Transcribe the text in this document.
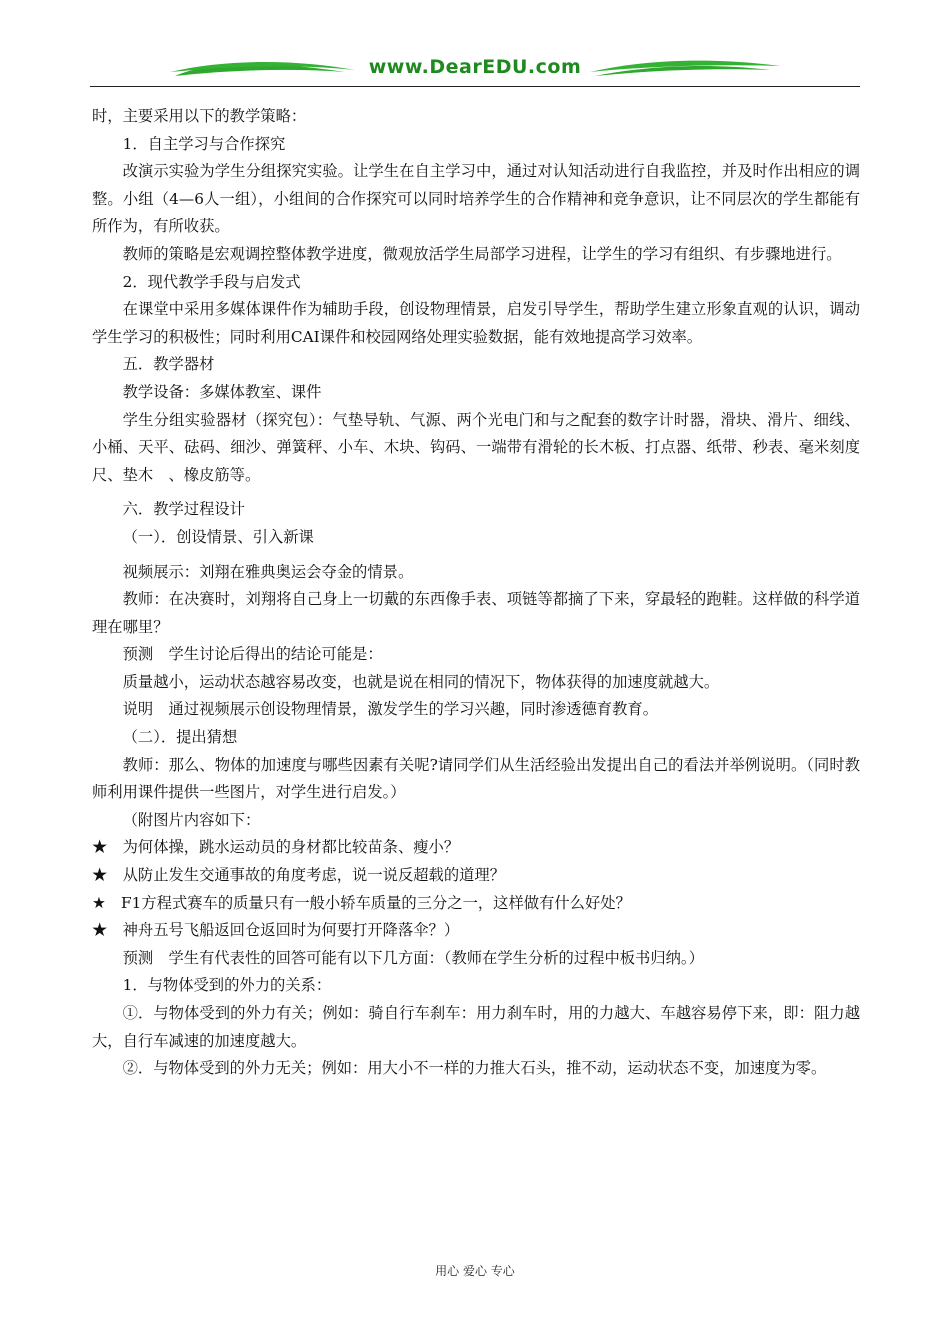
www.DearEDU.com

时，主要采用以下的教学策略：

1．自主学习与合作探究

改演示实验为学生分组探究实验。让学生在自主学习中，通过对认知活动进行自我监控，并及时作出相应的调整。小组（4—6人一组），小组间的合作探究可以同时培养学生的合作精神和竞争意识，让不同层次的学生都能有所作为，有所收获。

教师的策略是宏观调控整体教学进度，微观放活学生局部学习进程，让学生的学习有组织、有步骤地进行。

2．现代教学手段与启发式

在课堂中采用多媒体课件作为辅助手段，创设物理情景，启发引导学生，帮助学生建立形象直观的认识，调动学生学习的积极性；同时利用CAI课件和校园网络处理实验数据，能有效地提高学习效率。

五．教学器材

教学设备：多媒体教室、课件

学生分组实验器材（探究包）：气垫导轨、气源、两个光电门和与之配套的数字计时器，滑块、滑片、细线、小桶、天平、砝码、细沙、弹簧秤、小车、木块、钩码、一端带有滑轮的长木板、打点器、纸带、秒表、毫米刻度尺、垫木　、橡皮筋等。

六．教学过程设计

（一）．创设情景、引入新课

视频展示：刘翔在雅典奥运会夺金的情景。

教师：在决赛时，刘翔将自己身上一切戴的东西像手表、项链等都摘了下来，穿最轻的跑鞋。这样做的科学道理在哪里？

预测　学生讨论后得出的结论可能是：

质量越小，运动状态越容易改变，也就是说在相同的情况下，物体获得的加速度就越大。

说明　通过视频展示创设物理情景，激发学生的学习兴趣，同时渗透德育教育。

（二）．提出猜想

教师：那么、物体的加速度与哪些因素有关呢?请同学们从生活经验出发提出自己的看法并举例说明。（同时教师利用课件提供一些图片，对学生进行启发。）

（附图片内容如下：

★　为何体操，跳水运动员的身材都比较苗条、瘦小？

★　从防止发生交通事故的角度考虑，说一说反超载的道理？

★　F1方程式赛车的质量只有一般小轿车质量的三分之一，这样做有什么好处？

★　神舟五号飞船返回仓返回时为何要打开降落伞？）

预测　学生有代表性的回答可能有以下几方面：（教师在学生分析的过程中板书归纳。）

1．与物体受到的外力的关系：

①．与物体受到的外力有关；例如：骑自行车刹车：用力刹车时，用的力越大、车越容易停下来，即：阻力越大，自行车减速的加速度越大。

②．与物体受到的外力无关；例如：用大小不一样的力推大石头，推不动，运动状态不变，加速度为零。

用心 爱心 专心
